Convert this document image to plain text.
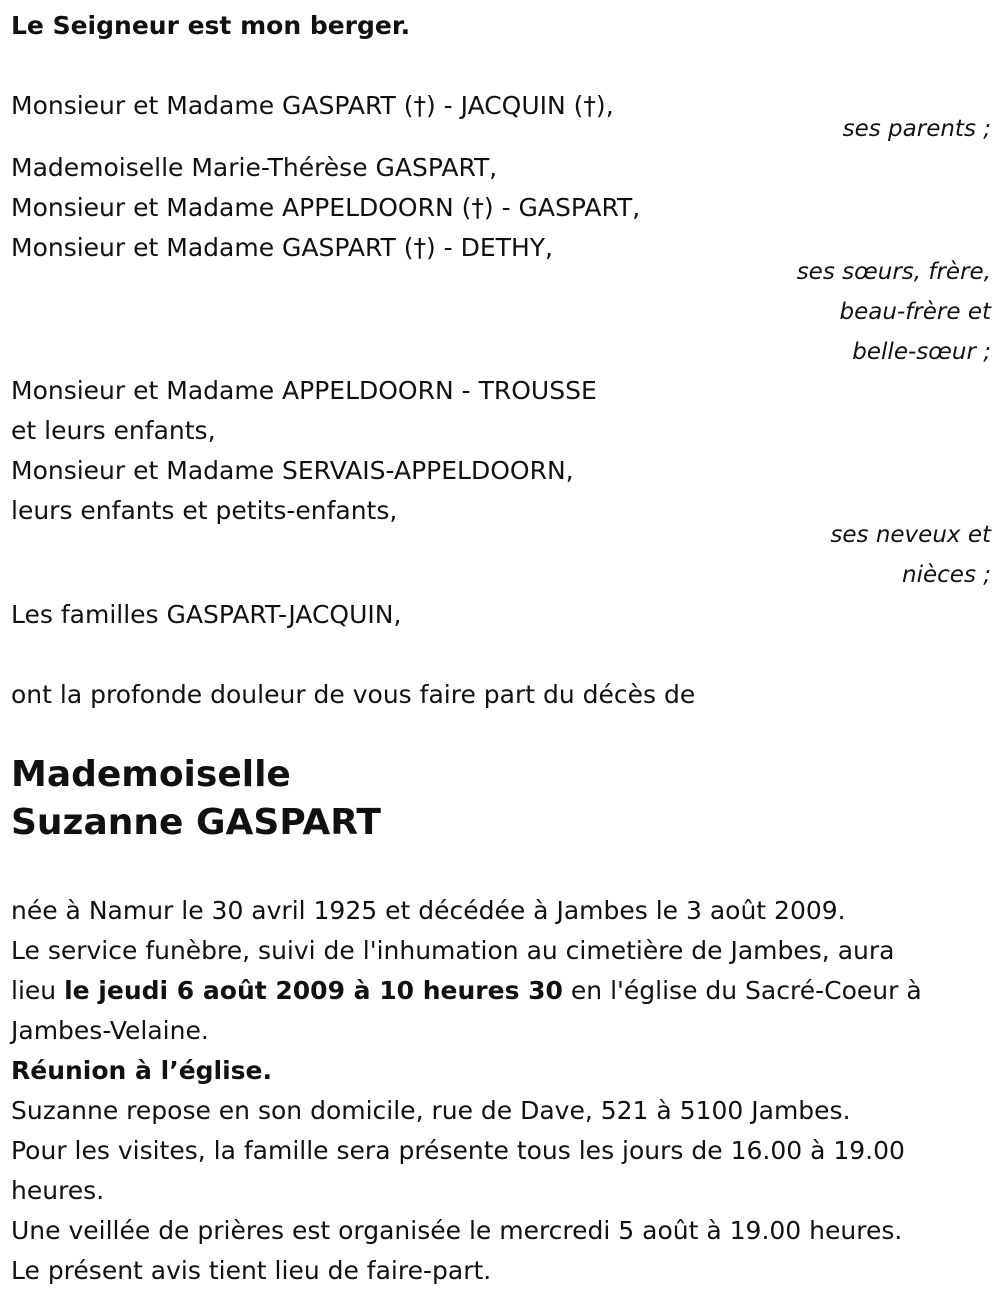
Le Seigneur est mon berger.
Monsieur et Madame GASPART (†) - JACQUIN (†),
ses parents ;
Mademoiselle Marie-Thérèse GASPART,
Monsieur et Madame APPELDOORN (†) - GASPART,
Monsieur et Madame GASPART (†) - DETHY,
ses sœurs, frère,
beau-frère et
belle-sœur ;
Monsieur et Madame APPELDOORN - TROUSSE
et leurs enfants,
Monsieur et Madame SERVAIS-APPELDOORN,
leurs enfants et petits-enfants,
ses neveux et
nièces ;
Les familles GASPART-JACQUIN,
ont la profonde douleur de vous faire part du décès de
Mademoiselle
Suzanne GASPART
née à Namur le 30 avril 1925 et décédée à Jambes le 3 août 2009.
Le service funèbre, suivi de l'inhumation au cimetière de Jambes, aura
lieu le jeudi 6 août 2009 à 10 heures 30 en l'église du Sacré-Coeur à
Jambes-Velaine.
Réunion à l’église.
Suzanne repose en son domicile, rue de Dave, 521 à 5100 Jambes.
Pour les visites, la famille sera présente tous les jours de 16.00 à 19.00
heures.
Une veillée de prières est organisée le mercredi 5 août à 19.00 heures.
Le présent avis tient lieu de faire-part.
